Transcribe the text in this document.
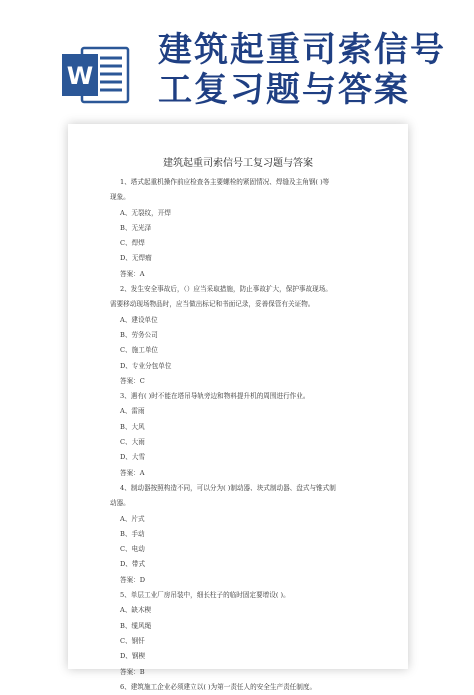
W
建筑起重司索信号
工复习题与答案
建筑起重司索信号工复习题与答案
1、塔式起重机操作前应检查各主要螺栓的紧固情况、焊缝及主角钢( )等
现象。
A、无裂纹，开焊
B、无光泽
C、焊焊
D、无焊瘤
答案：A
2、发生安全事故后，（）应当采取措施，防止事故扩大，保护事故现场。
需要移动现场物品时，应当做出标记和书面记录，妥善保管有关证物。
A、建设单位
B、劳务公司
C、施工单位
D、专业分包单位
答案：C
3、遇有( )时不能在塔吊导轨旁边和物料提升机的周围进行作业。
A、雷雨
B、大风
C、大雨
D、大雪
答案：A
4、制动器按照构造不同，可以分为( )制动器、块式制动器、盘式与锥式制
动器。
A、片式
B、手动
C、电动
D、带式
答案：D
5、单层工业厂房吊装中，细长柱子的临时固定要增设( )。
A、缺木楔
B、缆风绳
C、钢钎
D、钢楔
答案：B
6、建筑施工企业必须建立以( )为第一责任人的安全生产责任制度。
